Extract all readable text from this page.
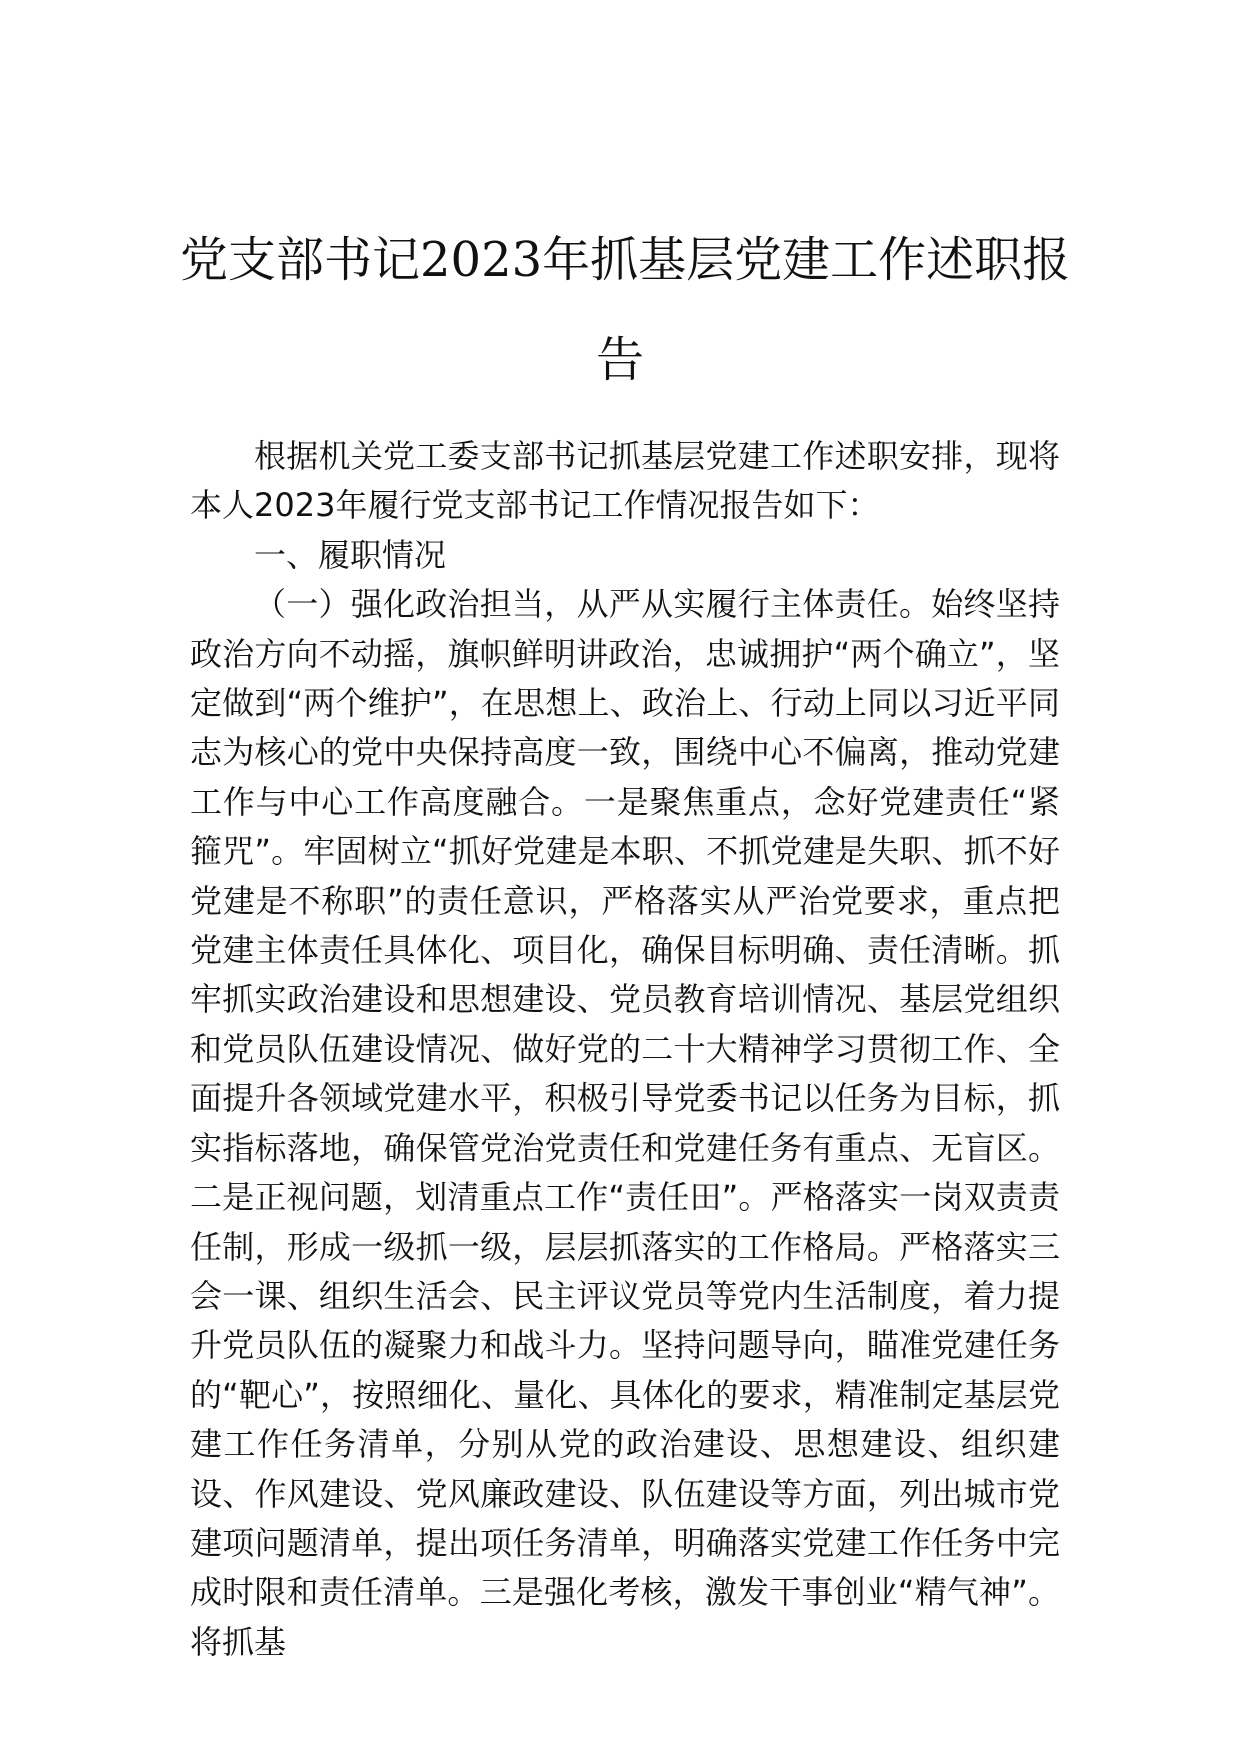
党支部书记2023年抓基层党建工作述职报
告

根据机关党工委支部书记抓基层党建工作述职安排，现将本人2023年履行党支部书记工作情况报告如下：

一、履职情况

（一）强化政治担当，从严从实履行主体责任。始终坚持政治方向不动摇，旗帜鲜明讲政治，忠诚拥护“两个确立”，坚定做到“两个维护”，在思想上、政治上、行动上同以习近平同志为核心的党中央保持高度一致，围绕中心不偏离，推动党建工作与中心工作高度融合。一是聚焦重点，念好党建责任“紧箍咒”。牢固树立“抓好党建是本职、不抓党建是失职、抓不好党建是不称职”的责任意识，严格落实从严治党要求，重点把党建主体责任具体化、项目化，确保目标明确、责任清晰。抓牢抓实政治建设和思想建设、党员教育培训情况、基层党组织和党员队伍建设情况、做好党的二十大精神学习贯彻工作、全面提升各领域党建水平，积极引导党委书记以任务为目标，抓实指标落地，确保管党治党责任和党建任务有重点、无盲区。二是正视问题，划清重点工作“责任田”。严格落实一岗双责责任制，形成一级抓一级，层层抓落实的工作格局。严格落实三会一课、组织生活会、民主评议党员等党内生活制度，着力提升党员队伍的凝聚力和战斗力。坚持问题导向，瞄准党建任务的“靶心”，按照细化、量化、具体化的要求，精准制定基层党建工作任务清单，分别从党的政治建设、思想建设、组织建设、作风建设、党风廉政建设、队伍建设等方面，列出城市党建项问题清单，提出项任务清单，明确落实党建工作任务中完成时限和责任清单。三是强化考核，激发干事创业“精气神”。将抓基
